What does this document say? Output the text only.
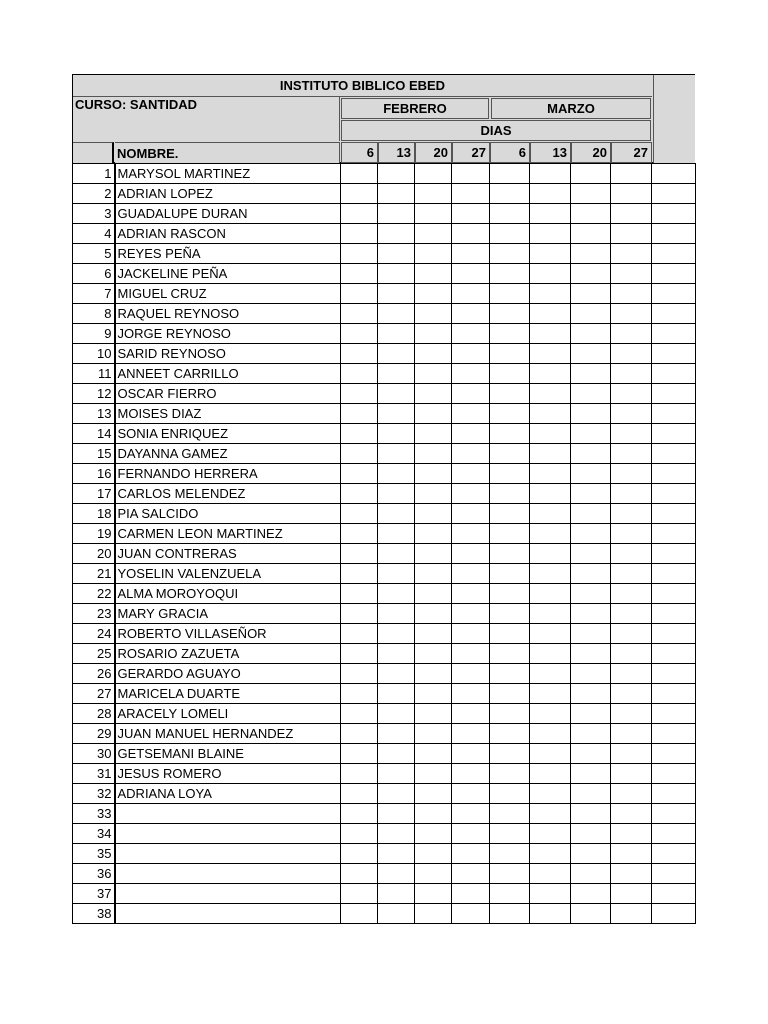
INSTITUTO BIBLICO EBED
CURSO: SANTIDAD	FEBRERO	MARZO
DIAS
NOMBRE.	6	13	20	27	6	13	20	27
1	MARYSOL MARTINEZ									
2	ADRIAN LOPEZ									
3	GUADALUPE DURAN									
4	ADRIAN RASCON									
5	REYES PEÑA									
6	JACKELINE PEÑA									
7	MIGUEL CRUZ									
8	RAQUEL REYNOSO									
9	JORGE REYNOSO									
10	SARID REYNOSO									
11	ANNEET CARRILLO									
12	OSCAR FIERRO									
13	MOISES DIAZ									
14	SONIA ENRIQUEZ									
15	DAYANNA GAMEZ									
16	FERNANDO HERRERA									
17	CARLOS MELENDEZ									
18	PIA SALCIDO									
19	CARMEN LEON MARTINEZ									
20	JUAN CONTRERAS									
21	YOSELIN VALENZUELA									
22	ALMA MOROYOQUI									
23	MARY GRACIA									
24	ROBERTO VILLASEÑOR									
25	ROSARIO ZAZUETA									
26	GERARDO AGUAYO									
27	MARICELA DUARTE									
28	ARACELY LOMELI									
29	JUAN MANUEL HERNANDEZ									
30	GETSEMANI BLAINE									
31	JESUS ROMERO									
32	ADRIANA LOYA									
33										
34										
35										
36										
37										
38										
